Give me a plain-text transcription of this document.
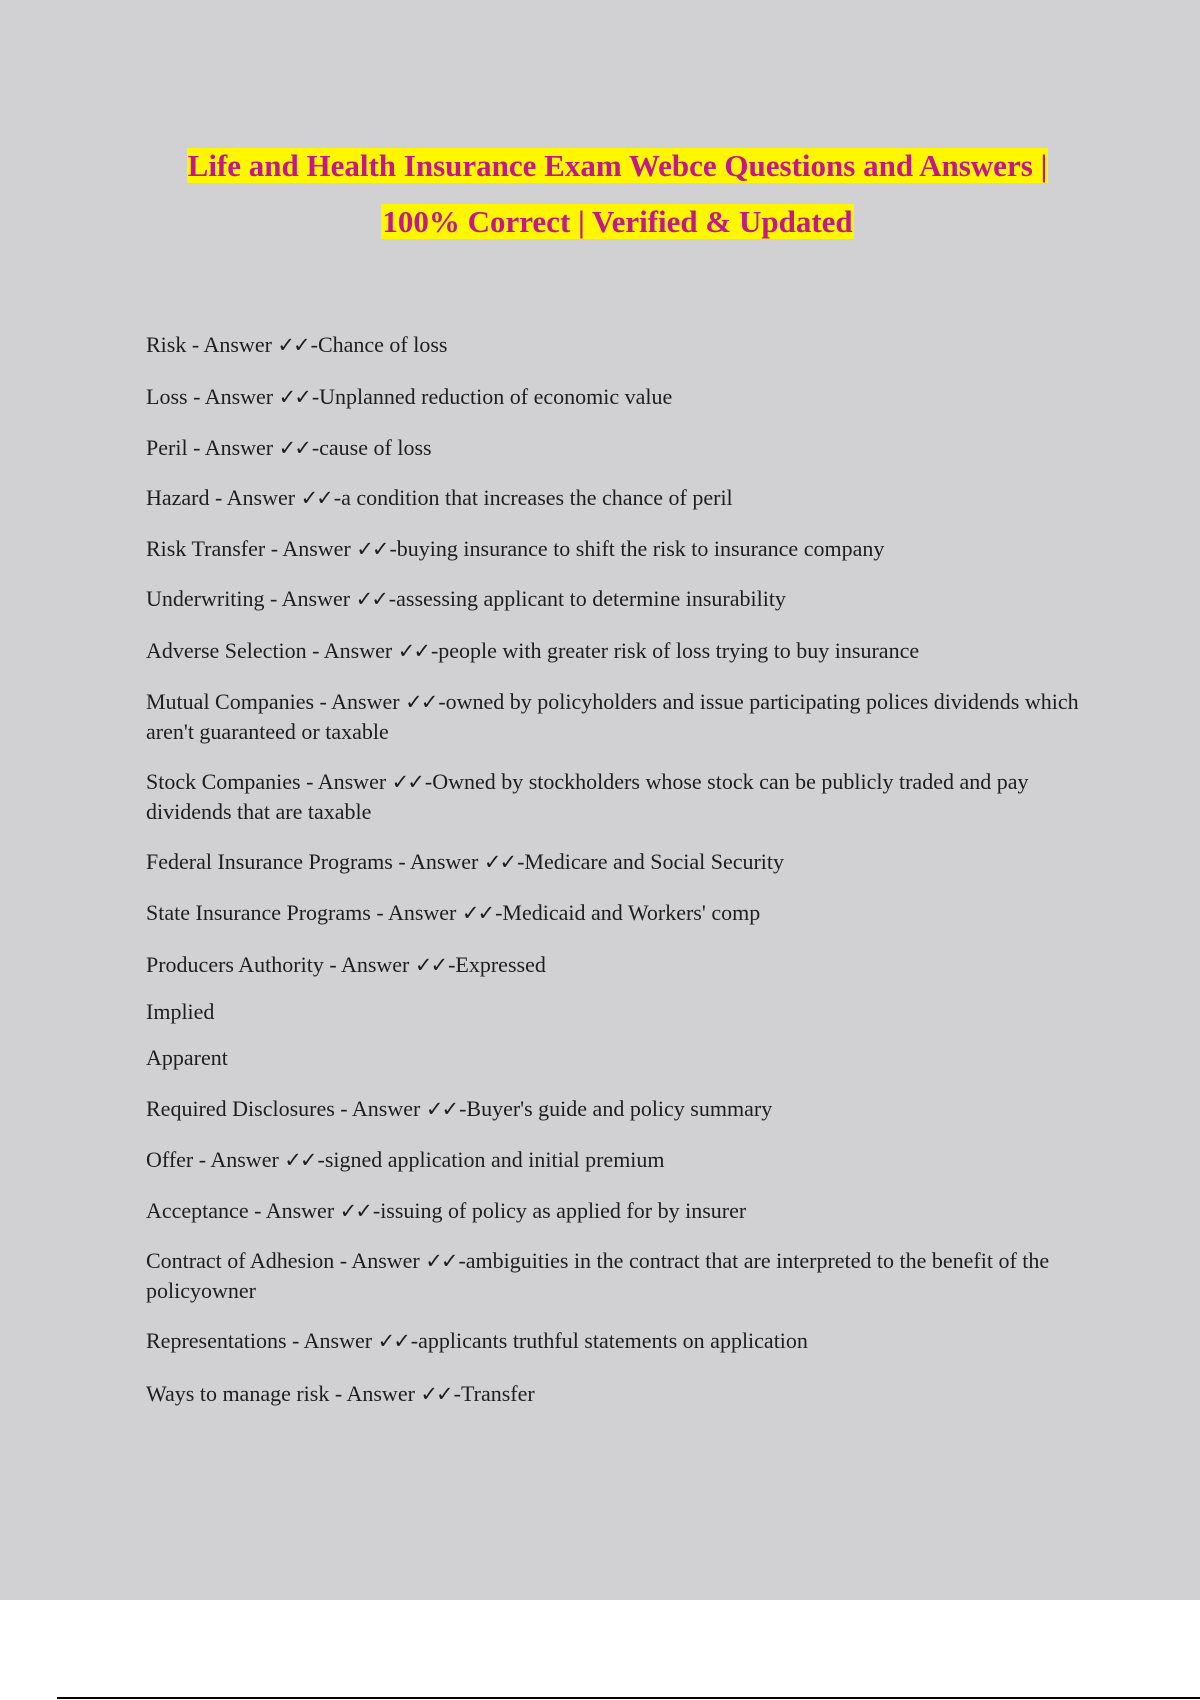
Life and Health Insurance Exam Webce Questions and Answers |
100% Correct | Verified & Updated
Risk - Answer ✓✓-Chance of loss
Loss - Answer ✓✓-Unplanned reduction of economic value
Peril - Answer ✓✓-cause of loss
Hazard - Answer ✓✓-a condition that increases the chance of peril
Risk Transfer - Answer ✓✓-buying insurance to shift the risk to insurance company
Underwriting - Answer ✓✓-assessing applicant to determine insurability
Adverse Selection - Answer ✓✓-people with greater risk of loss trying to buy insurance
Mutual Companies - Answer ✓✓-owned by policyholders and issue participating polices dividends which aren't guaranteed or taxable
Stock Companies - Answer ✓✓-Owned by stockholders whose stock can be publicly traded and pay dividends that are taxable
Federal Insurance Programs - Answer ✓✓-Medicare and Social Security
State Insurance Programs - Answer ✓✓-Medicaid and Workers' comp
Producers Authority - Answer ✓✓-Expressed
Implied
Apparent
Required Disclosures - Answer ✓✓-Buyer's guide and policy summary
Offer - Answer ✓✓-signed application and initial premium
Acceptance - Answer ✓✓-issuing of policy as applied for by insurer
Contract of Adhesion - Answer ✓✓-ambiguities in the contract that are interpreted to the benefit of the policyowner
Representations - Answer ✓✓-applicants truthful statements on application
Ways to manage risk - Answer ✓✓-Transfer
